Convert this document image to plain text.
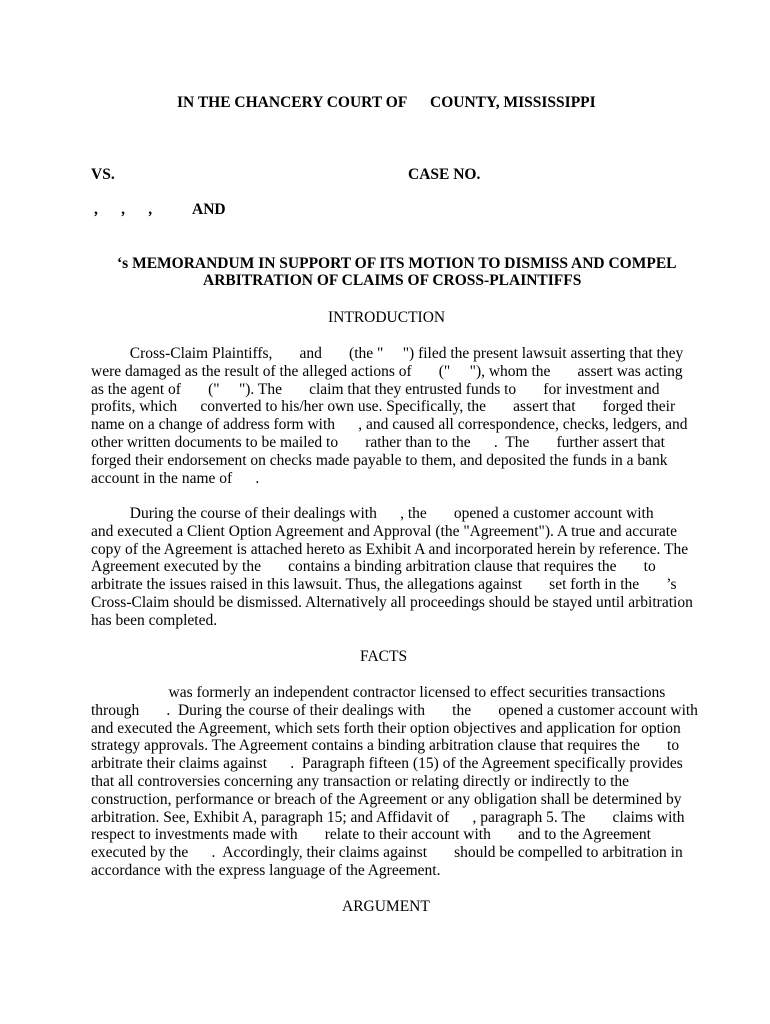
IN THE CHANCERY COURT OF COUNTY, MISSISSIPPI
VS.	CASE NO.
,      ,      ,	AND
‘s MEMORANDUM IN SUPPORT OF ITS MOTION TO DISMISS AND COMPEL
ARBITRATION OF CLAIMS OF CROSS-PLAINTIFFS
INTRODUCTION
Cross-Claim Plaintiffs,       and       (the "     ") filed the present lawsuit asserting that they
were damaged as the result of the alleged actions of       ("     "), whom the       assert was acting
as the agent of       ("     "). The       claim that they entrusted funds to       for investment and
profits, which      converted to his/her own use. Specifically, the       assert that       forged their
name on a change of address form with      , and caused all correspondence, checks, ledgers, and
other written documents to be mailed to       rather than to the      .  The       further assert that
forged their endorsement on checks made payable to them, and deposited the funds in a bank
account in the name of      .
During the course of their dealings with      , the       opened a customer account with
and executed a Client Option Agreement and Approval (the "Agreement"). A true and accurate
copy of the Agreement is attached hereto as Exhibit A and incorporated herein by reference. The
Agreement executed by the       contains a binding arbitration clause that requires the       to
arbitrate the issues raised in this lawsuit. Thus, the allegations against       set forth in the       ’s
Cross-Claim should be dismissed. Alternatively all proceedings should be stayed until arbitration
has been completed.
FACTS
was formerly an independent contractor licensed to effect securities transactions
through       .  During the course of their dealings with       the       opened a customer account with
and executed the Agreement, which sets forth their option objectives and application for option
strategy approvals. The Agreement contains a binding arbitration clause that requires the       to
arbitrate their claims against      .  Paragraph fifteen (15) of the Agreement specifically provides
that all controversies concerning any transaction or relating directly or indirectly to the
construction, performance or breach of the Agreement or any obligation shall be determined by
arbitration. See, Exhibit A, paragraph 15; and Affidavit of      , paragraph 5. The       claims with
respect to investments made with       relate to their account with       and to the Agreement
executed by the      .  Accordingly, their claims against       should be compelled to arbitration in
accordance with the express language of the Agreement.
ARGUMENT
